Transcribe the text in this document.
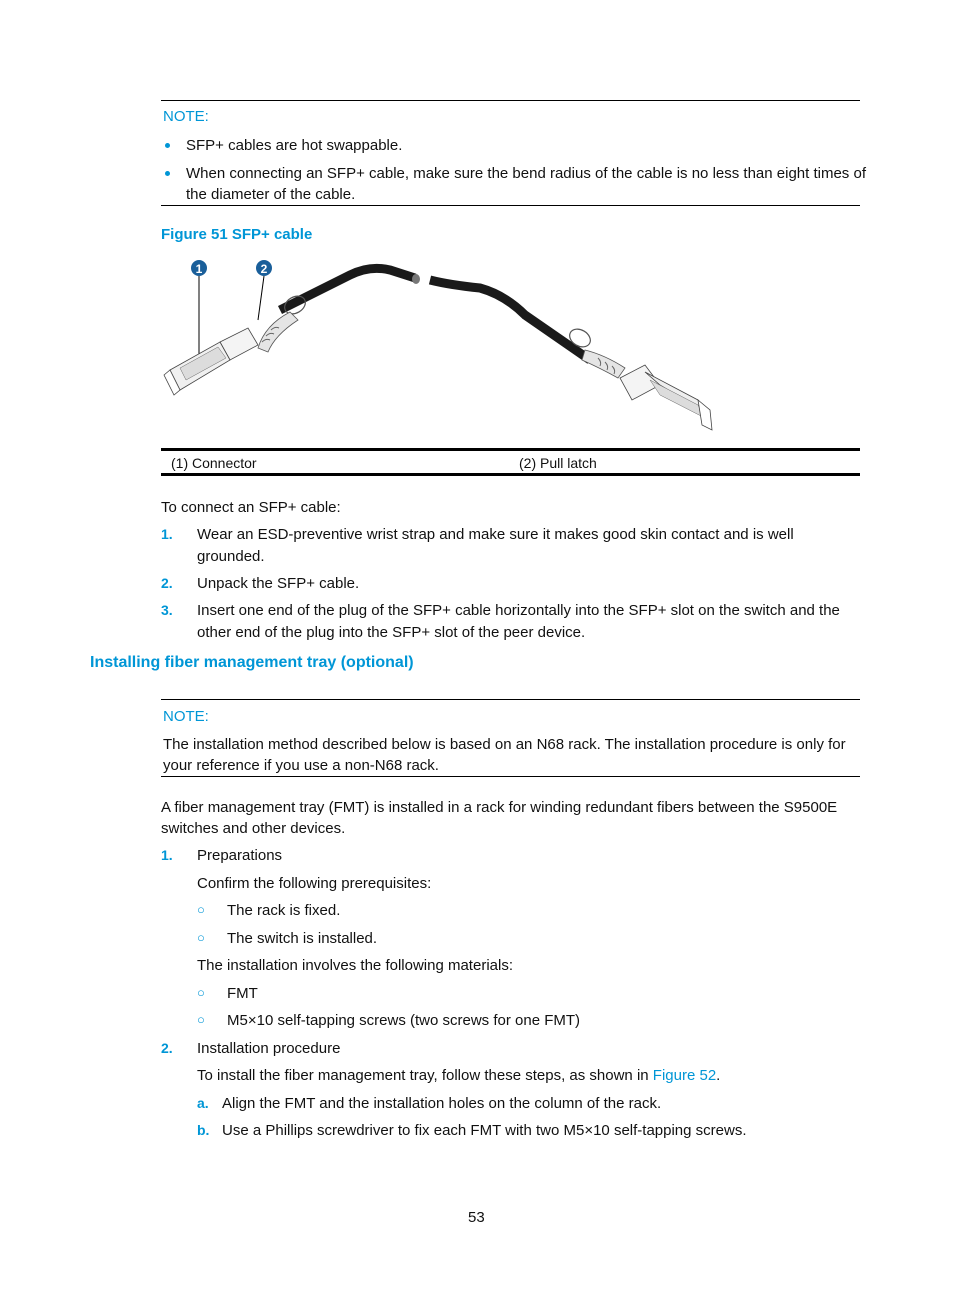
NOTE:
SFP+ cables are hot swappable.
When connecting an SFP+ cable, make sure the bend radius of the cable is no less than eight times of
the diameter of the cable.
Figure 51 SFP+ cable
1	2
(1) Connector	(2) Pull latch
To connect an SFP+ cable:
1. Wear an ESD-preventive wrist strap and make sure it makes good skin contact and is well
grounded.
2. Unpack the SFP+ cable.
3. Insert one end of the plug of the SFP+ cable horizontally into the SFP+ slot on the switch and the
other end of the plug into the SFP+ slot of the peer device.
Installing fiber management tray (optional)
NOTE:
The installation method described below is based on an N68 rack. The installation procedure is only for
your reference if you use a non-N68 rack.
A fiber management tray (FMT) is installed in a rack for winding redundant fibers between the S9500E
switches and other devices.
1. Preparations
Confirm the following prerequisites:
○ The rack is fixed.
○ The switch is installed.
The installation involves the following materials:
○ FMT
○ M5×10 self-tapping screws (two screws for one FMT)
2. Installation procedure
To install the fiber management tray, follow these steps, as shown in Figure 52.
a. Align the FMT and the installation holes on the column of the rack.
b. Use a Phillips screwdriver to fix each FMT with two M5×10 self-tapping screws.
53
